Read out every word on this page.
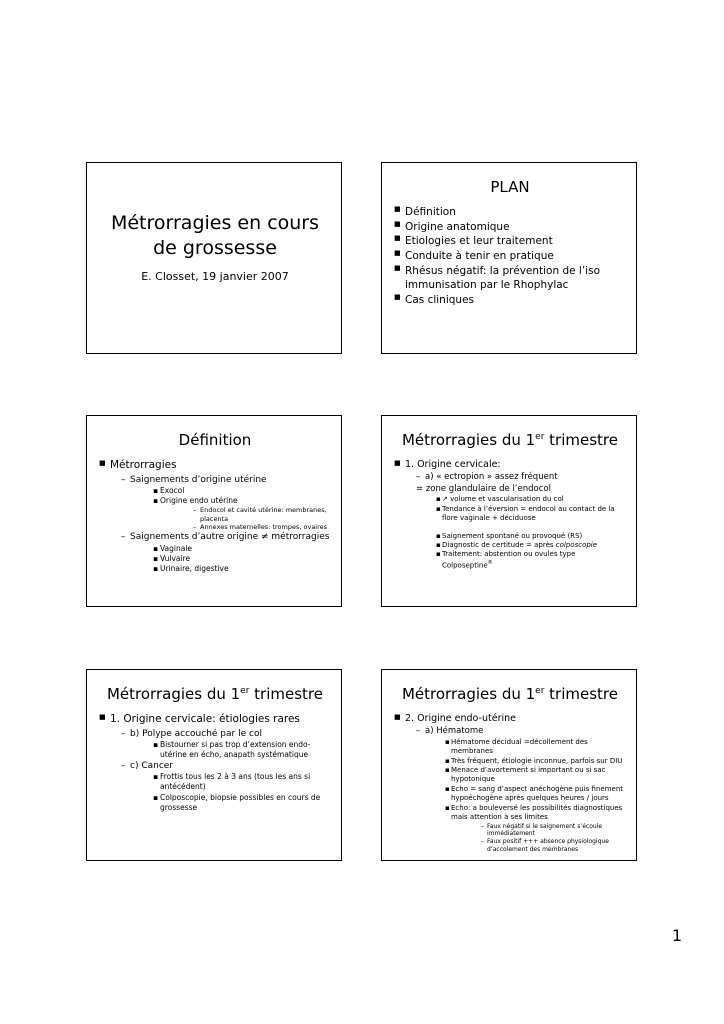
Métrorragies en cours de grossesse

E. Closset, 19 janvier 2007

PLAN
■ Définition
■ Origine anatomique
■ Etiologies et leur traitement
■ Conduite à tenir en pratique
■ Rhésus négatif: la prévention de l’iso immunisation par le Rhophylac
■ Cas cliniques
Définition
■ Métrorragies
– Saignements d’origine utérine
▪ Exocol
▪ Origine endo utérine
– Endocol et cavité utérine: membranes, placenta
– Annexes maternelles: trompes, ovaires
– Saignements d’autre origine ≠ métrorragies
▪ Vaginale
▪ Vulvaire
▪ Urinaire, digestive
Métrorragies du 1er trimestre
■ 1. Origine cervicale:
– a) « ectropion » assez fréquent
= zone glandulaire de l’endocol
▪ ↗ volume et vascularisation du col
▪ Tendance à l’éversion = endocol au contact de la flore vaginale + déciduose
▪ Saignement spontané ou provoqué (RS)
▪ Diagnostic de certitude = après colposcopie
▪ Traitement: abstention ou ovules type Colposeptine®
Métrorragies du 1er trimestre
■ 1. Origine cervicale: étiologies rares
– b) Polype accouché par le col
▪ Bistourner si pas trop d’extension endo-utérine en écho, anapath systématique
– c) Cancer
▪ Frottis tous les 2 à 3 ans (tous les ans si antécédent)
▪ Colposcopie, biopsie possibles en cours de grossesse
Métrorragies du 1er trimestre
■ 2. Origine endo-utérine
– a) Hématome
▪ Hématome décidual =décollement des membranes
▪ Très fréquent, étiologie inconnue, parfois sur DIU
▪ Menace d’avortement si important ou si sac hypotonique
▪ Echo = sang d’aspect anéchogène puis finement hypoéchogène après quelques heures / jours
▪ Echo: a bouleversé les possibilités diagnostiques mais attention à ses limites
– Faux négatif si le saignement s’écoule immédiatement
– Faux positif +++ absence physiologique d’accolement des membranes
1
